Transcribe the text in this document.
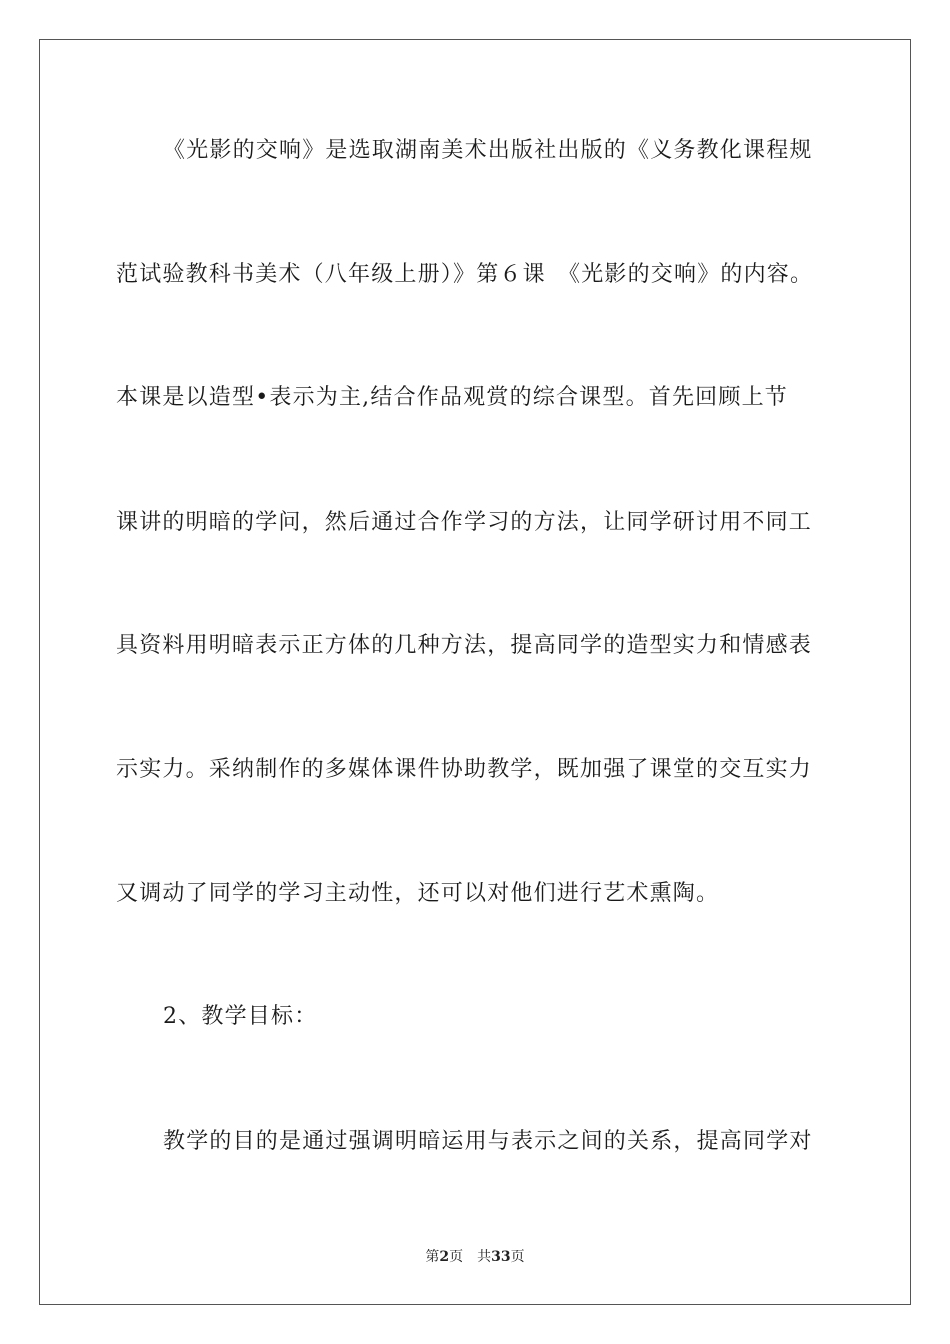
《光影的交响》是选取湖南美术出版社出版的《义务教化课程规
范试验教科书美术（八年级上册）》第６课　《光影的交响》的内容。
本课是以造型•表示为主,结合作品观赏的综合课型。首先回顾上节
课讲的明暗的学问，然后通过合作学习的方法，让同学研讨用不同工
具资料用明暗表示正方体的几种方法，提高同学的造型实力和情感表
示实力。采纳制作的多媒体课件协助教学，既加强了课堂的交互实力
又调动了同学的学习主动性，还可以对他们进行艺术熏陶。
2、教学目标：
教学的目的是通过强调明暗运用与表示之间的关系，提高同学对
第2页 共33页
